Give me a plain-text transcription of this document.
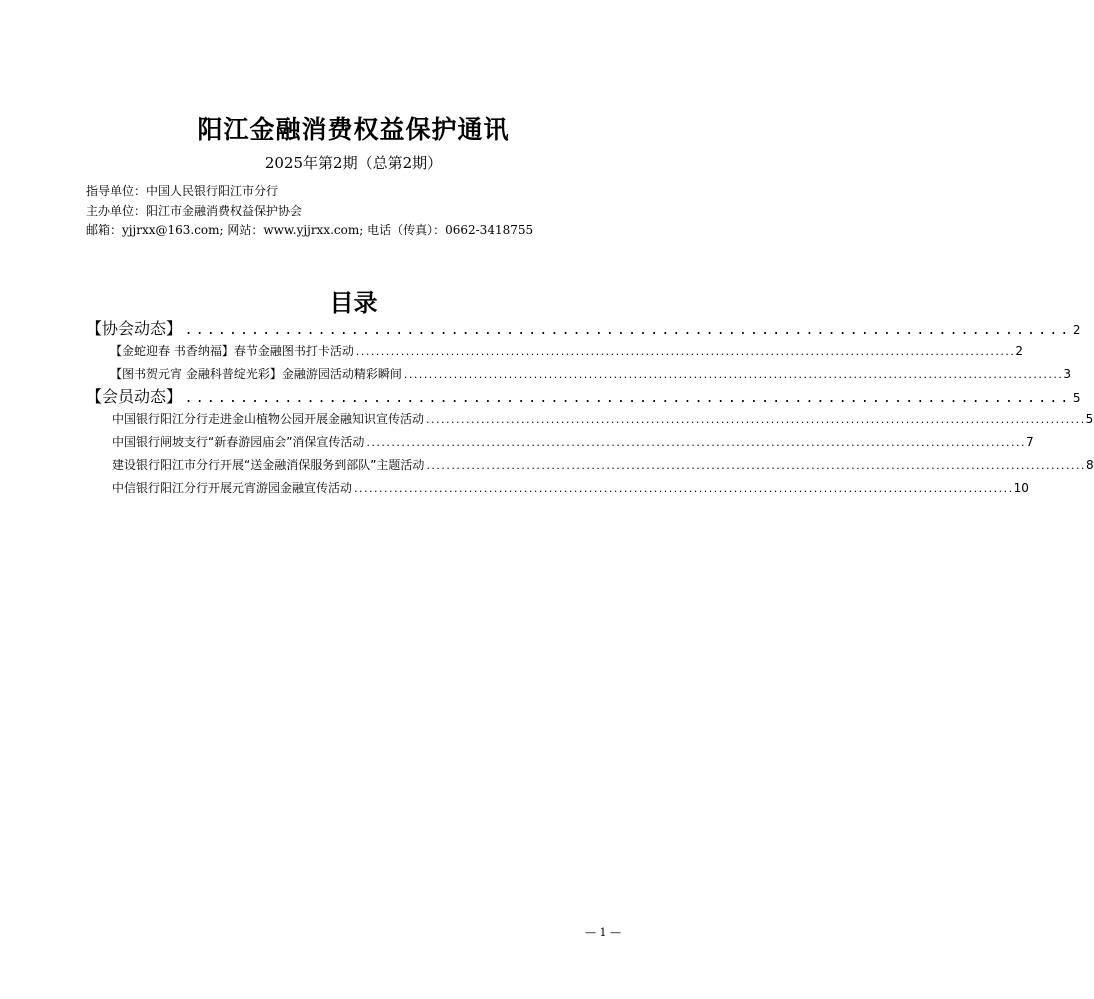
阳江金融消费权益保护通讯
2025年第2期（总第2期）
指导单位：中国人民银行阳江市分行
主办单位：阳江市金融消费权益保护协会
邮箱：yjjrxx@163.com; 网站：www.yjjrxx.com; 电话（传真）：0662-3418755
目录
【协会动态】 ................................................................................ 2
【金蛇迎春 书香纳福】春节金融图书打卡活动 .................................................................................................................................... 2
【图书贺元宵 金融科普绽光彩】金融游园活动精彩瞬间 .................................................................................................................................... 3
【会员动态】 ................................................................................ 5
中国银行阳江分行走进金山植物公园开展金融知识宣传活动 .................................................................................................................................... 5
中国银行闸坡支行“新春游园庙会”消保宣传活动 .................................................................................................................................... 7
建设银行阳江市分行开展“送金融消保服务到部队”主题活动 .................................................................................................................................... 8
中信银行阳江分行开展元宵游园金融宣传活动 .................................................................................................................................... 10
— 1 —
